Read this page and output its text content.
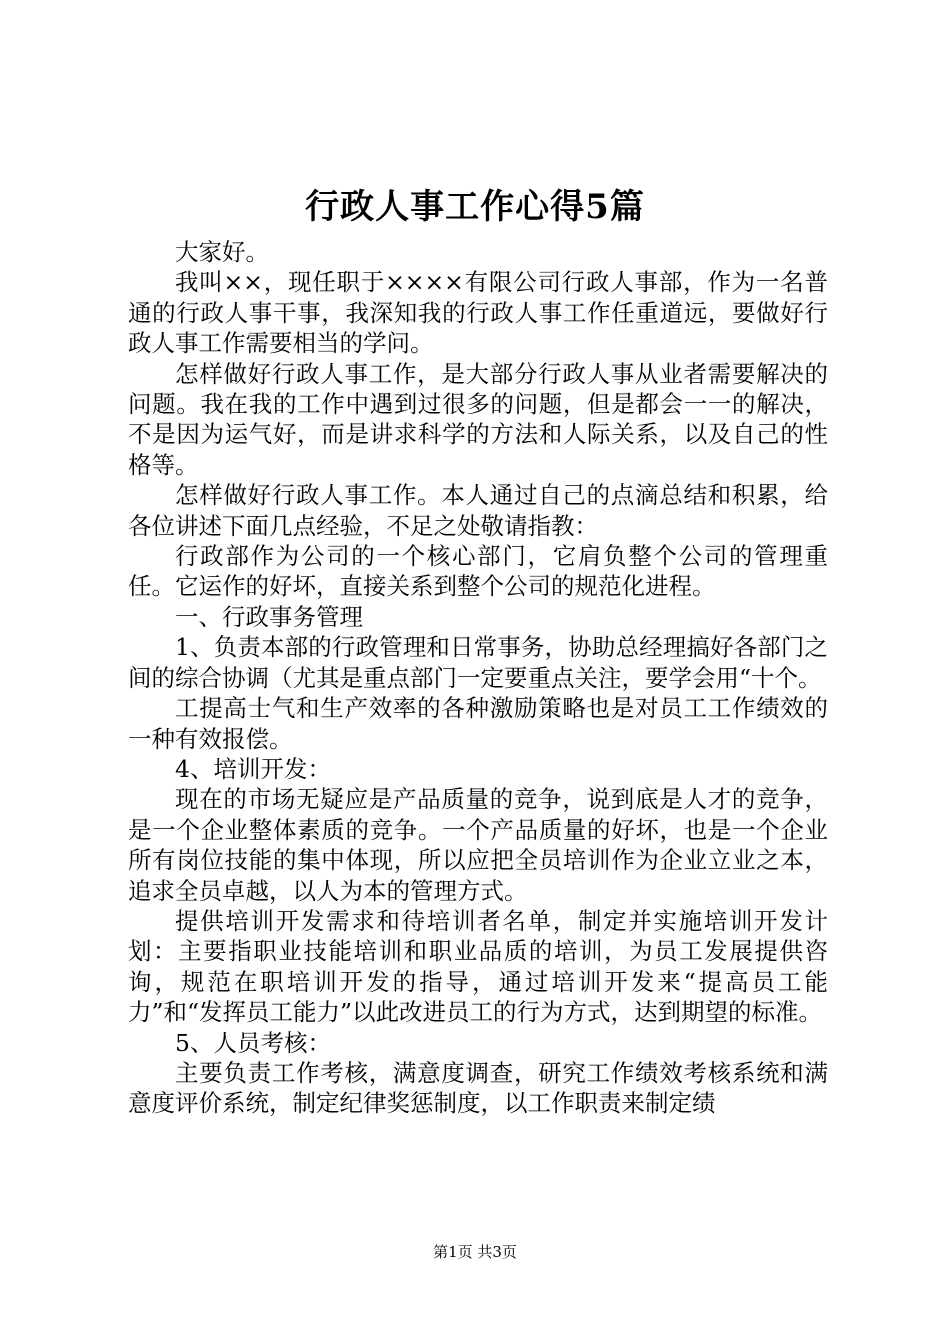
行政人事工作心得5篇

大家好。

我叫××，现任职于××××有限公司行政人事部，作为一名普通的行政人事干事，我深知我的行政人事工作任重道远，要做好行政人事工作需要相当的学问。

怎样做好行政人事工作，是大部分行政人事从业者需要解决的问题。我在我的工作中遇到过很多的问题，但是都会一一的解决，不是因为运气好，而是讲求科学的方法和人际关系，以及自己的性格等。

怎样做好行政人事工作。本人通过自己的点滴总结和积累，给各位讲述下面几点经验，不足之处敬请指教：

行政部作为公司的一个核心部门，它肩负整个公司的管理重任。它运作的好坏，直接关系到整个公司的规范化进程。

一、行政事务管理

1、负责本部的行政管理和日常事务，协助总经理搞好各部门之间的综合协调（尤其是重点部门一定要重点关注，要学会用“十个。

工提高士气和生产效率的各种激励策略也是对员工工作绩效的一种有效报偿。

4、培训开发：

现在的市场无疑应是产品质量的竞争，说到底是人才的竞争，是一个企业整体素质的竞争。一个产品质量的好坏，也是一个企业所有岗位技能的集中体现，所以应把全员培训作为企业立业之本，追求全员卓越，以人为本的管理方式。

提供培训开发需求和待培训者名单，制定并实施培训开发计划：主要指职业技能培训和职业品质的培训，为员工发展提供咨询，规范在职培训开发的指导，通过培训开发来“提高员工能力”和“发挥员工能力”以此改进员工的行为方式，达到期望的标准。

5、人员考核：

主要负责工作考核，满意度调查，研究工作绩效考核系统和满意度评价系统，制定纪律奖惩制度，以工作职责来制定绩

第1页 共3页
